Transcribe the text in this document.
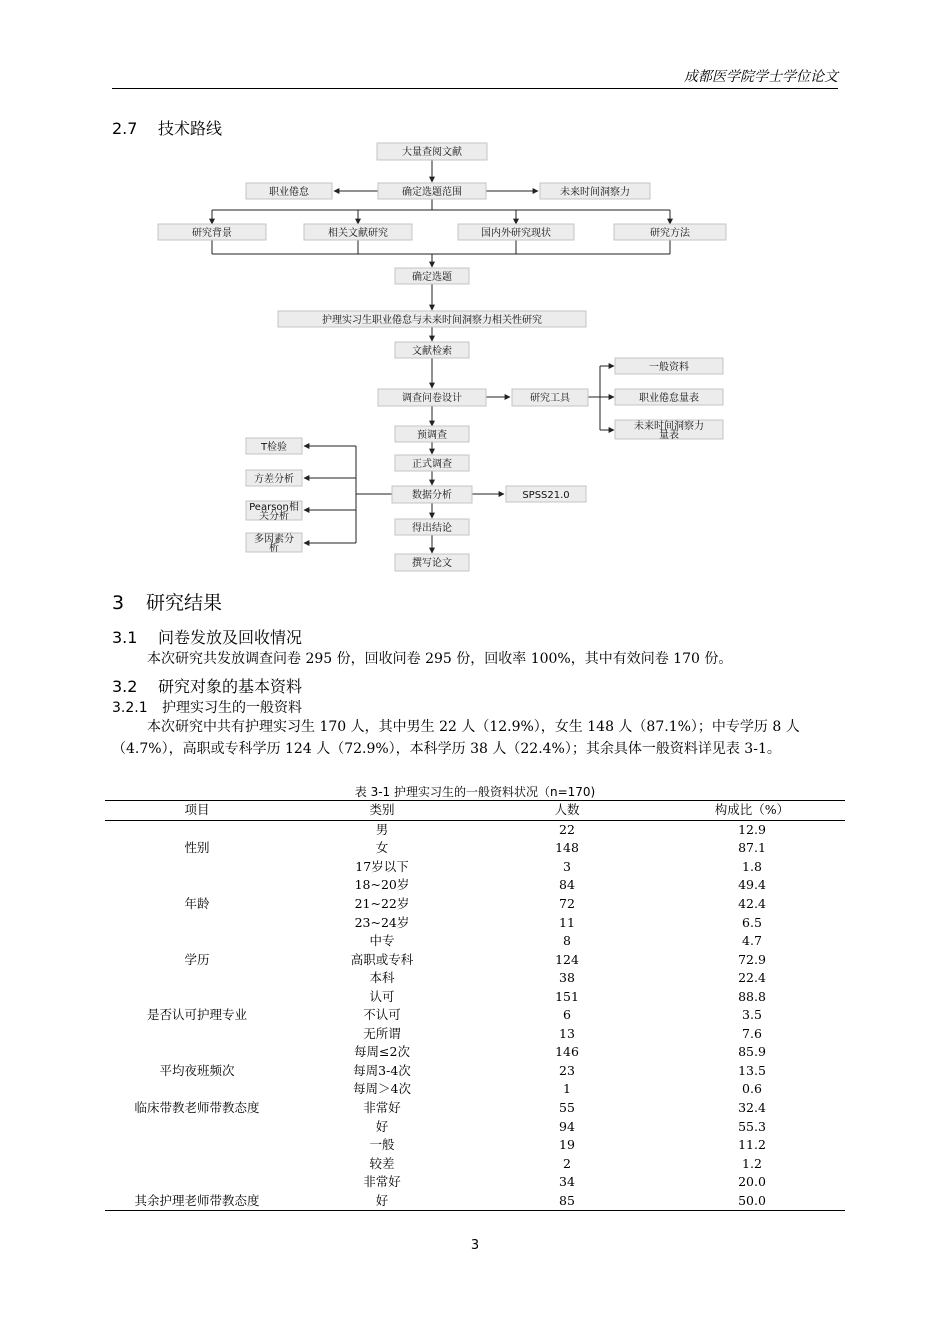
成都医学院学士学位论文
2.7 技术路线
大量查阅文献
确定选题范围
职业倦怠	未来时间洞察力
研究背景	相关文献研究	国内外研究现状	研究方法
确定选题
护理实习生职业倦怠与未来时间洞察力相关性研究
文献检索
调查问卷设计	研究工具
一般资料
职业倦怠量表
未来时间洞察力
量表
预调查
正式调查
数据分析	SPSS21.0
T检验
方差分析
Pearson相
关分析
多因素分
析
得出结论
撰写论文
3 研究结果
3.1 问卷发放及回收情况
本次研究共发放调查问卷 295 份，回收问卷 295 份，回收率 100%，其中有效问卷 170 份。
3.2 研究对象的基本资料
3.2.1 护理实习生的一般资料
本次研究中共有护理实习生 170 人，其中男生 22 人（12.9%），女生 148 人（87.1%）；中专学历 8 人（4.7%），高职或专科学历 124 人（72.9%），本科学历 38 人（22.4%）；其余具体一般资料详见表 3-1。
表 3-1 护理实习生的一般资料状况（n=170)
项目	类别	人数	构成比（%）
	男	22	12.9
性别	女	148	87.1
	17岁以下	3	1.8
	18~20岁	84	49.4
年龄	21~22岁	72	42.4
	23~24岁	11	6.5
	中专	8	4.7
学历	高职或专科	124	72.9
	本科	38	22.4
	认可	151	88.8
是否认可护理专业	不认可	6	3.5
	无所谓	13	7.6
	每周≤2次	146	85.9
平均夜班频次	每周3-4次	23	13.5
	每周＞4次	1	0.6
临床带教老师带教态度	非常好	55	32.4
	好	94	55.3
	一般	19	11.2
	较差	2	1.2
	非常好	34	20.0
其余护理老师带教态度	好	85	50.0
3
